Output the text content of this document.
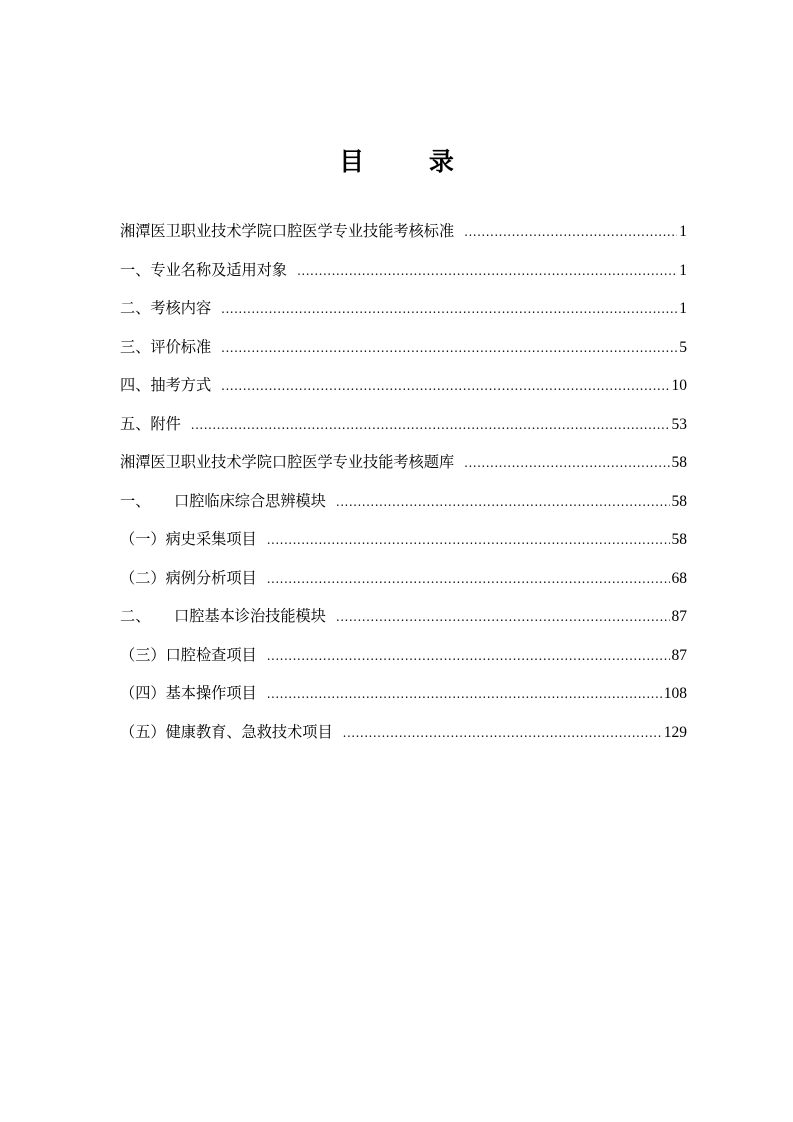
目 录
湘潭医卫职业技术学院口腔医学专业技能考核标准 .....	1
一、专业名称及适用对象 .....	1
二、考核内容 .....	1
三、评价标准 .....	5
四、抽考方式 .....	10
五、附件 .....	53
湘潭医卫职业技术学院口腔医学专业技能考核题库 .....	58
一、 口腔临床综合思辨模块 .....	58
（一）病史采集项目 .....	58
（二）病例分析项目 .....	68
二、 口腔基本诊治技能模块 .....	87
（三）口腔检查项目 .....	87
（四）基本操作项目 .....	108
（五）健康教育、急救技术项目 .....	129
